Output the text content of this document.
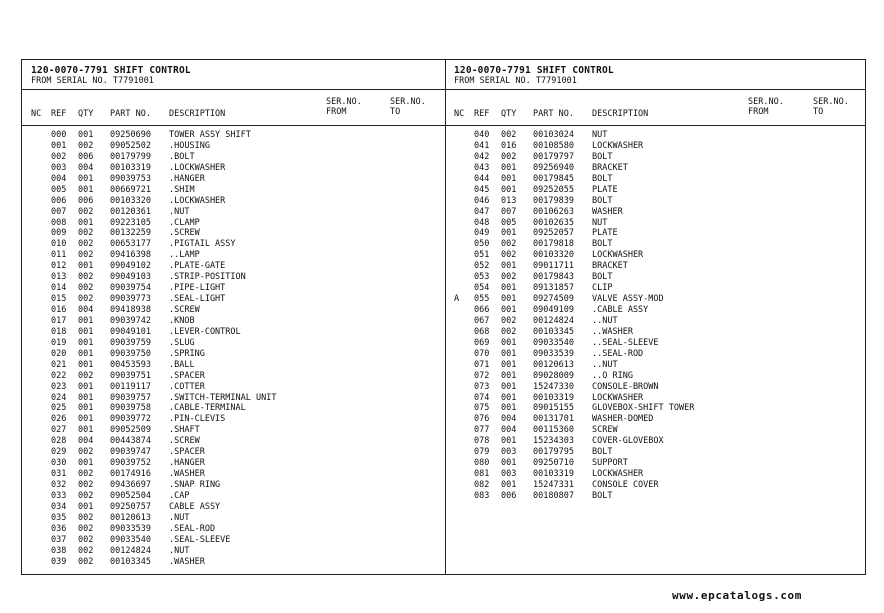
120-0070-7791 SHIFT CONTROL
FROM SERIAL NO. T7791001
NC REF QTY PART NO. DESCRIPTION
SER.NO.
FROM
SER.NO.
TO
000 001 09250690 TOWER ASSY SHIFT
001 002 09052502 .HOUSING
002 006 00179799 .BOLT
003 004 00103319 .LOCKWASHER
004 001 09039753 .HANGER
005 001 00669721 .SHIM
006 006 00103320 .LOCKWASHER
007 002 00120361 .NUT
008 001 09223105 .CLAMP
009 002 00132259 .SCREW
010 002 00653177 .PIGTAIL ASSY
011 002 09416398 ..LAMP
012 001 09049102 .PLATE-GATE
013 002 09049103 .STRIP-POSITION
014 002 09039754 .PIPE-LIGHT
015 002 09039773 .SEAL-LIGHT
016 004 09418938 .SCREW
017 001 09039742 .KNOB
018 001 09049101 .LEVER-CONTROL
019 001 09039759 .SLUG
020 001 09039750 .SPRING
021 001 00453593 .BALL
022 002 09039751 .SPACER
023 001 00119117 .COTTER
024 001 09039757 .SWITCH-TERMINAL UNIT
025 001 09039758 .CABLE-TERMINAL
026 001 09039772 .PIN-CLEVIS
027 001 09052509 .SHAFT
028 004 00443874 .SCREW
029 002 09039747 .SPACER
030 001 09039752 .HANGER
031 002 00174916 .WASHER
032 002 09436697 .SNAP RING
033 002 09052504 .CAP
034 001 09250757 CABLE ASSY
035 002 00120613 .NUT
036 002 09033539 .SEAL-ROD
037 002 09033540 .SEAL-SLEEVE
038 002 00124824 .NUT
039 002 00103345 .WASHER
120-0070-7791 SHIFT CONTROL
FROM SERIAL NO. T7791001
NC REF QTY PART NO. DESCRIPTION
SER.NO.
FROM
SER.NO.
TO
040 002 00103024 NUT
041 016 00108580 LOCKWASHER
042 002 00179797 BOLT
043 001 09256940 BRACKET
044 001 00179845 BOLT
045 001 09252055 PLATE
046 013 00179839 BOLT
047 007 00106263 WASHER
048 005 00102635 NUT
049 001 09252057 PLATE
050 002 00179818 BOLT
051 002 00103320 LOCKWASHER
052 001 09011711 BRACKET
053 002 00179843 BOLT
054 001 09131857 CLIP
A 055 001 09274509 VALVE ASSY-MOD
066 001 09049109 .CABLE ASSY
067 002 00124824 ..NUT
068 002 00103345 ..WASHER
069 001 09033540 ..SEAL-SLEEVE
070 001 09033539 ..SEAL-ROD
071 001 00120613 ..NUT
072 001 09028009 ..O RING
073 001 15247330 CONSOLE-BROWN
074 001 00103319 LOCKWASHER
075 001 09015155 GLOVEBOX-SHIFT TOWER
076 004 00131701 WASHER-DOMED
077 004 00115360 SCREW
078 001 15234303 COVER-GLOVEBOX
079 003 00179795 BOLT
080 001 09250710 SUPPORT
081 003 00103319 LOCKWASHER
082 001 15247331 CONSOLE COVER
083 006 00180807 BOLT
www.epcatalogs.com
